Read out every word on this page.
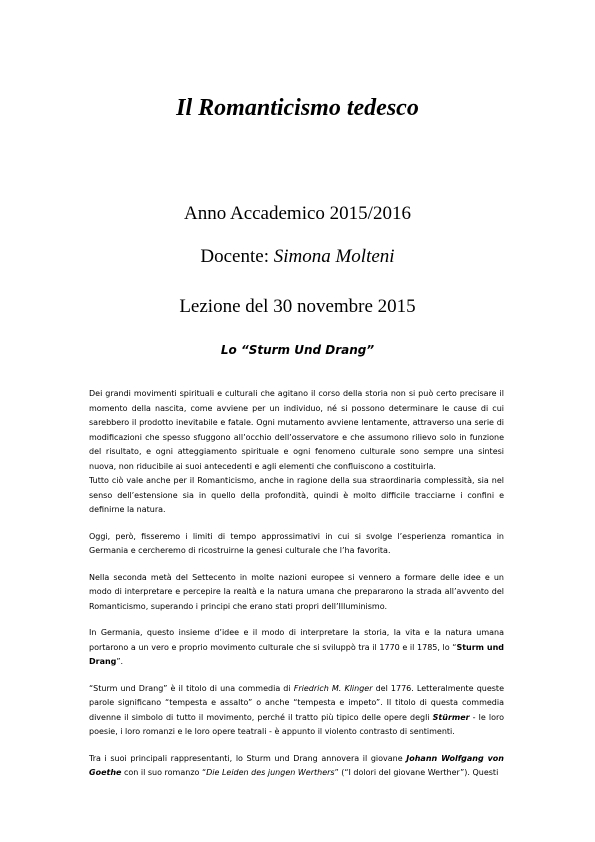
Il Romanticismo tedesco
Anno Accademico 2015/2016
Docente: Simona Molteni
Lezione del 30 novembre 2015
Lo “Sturm Und Drang”

Dei grandi movimenti spirituali e culturali che agitano il corso della storia non si può certo precisare il momento della nascita, come avviene per un individuo, né si possono determinare le cause di cui sarebbero il prodotto inevitabile e fatale. Ogni mutamento avviene lentamente, attraverso una serie di modificazioni che spesso sfuggono all’occhio dell’osservatore e che assumono rilievo solo in funzione del risultato, e ogni atteggiamento spirituale e ogni fenomeno culturale sono sempre una sintesi nuova, non riducibile ai suoi antecedenti e agli elementi che confluiscono a costituirla.

Tutto ciò vale anche per il Romanticismo, anche in ragione della sua straordinaria complessità, sia nel senso dell’estensione sia in quello della profondità, quindi è molto difficile tracciarne i confini e definirne la natura.

Oggi, però, fisseremo i limiti di tempo approssimativi in cui si svolge l’esperienza romantica in Germania e cercheremo di ricostruirne la genesi culturale che l’ha favorita.

Nella seconda metà del Settecento in molte nazioni europee si vennero a formare delle idee e un modo di interpretare e percepire la realtà e la natura umana che prepararono la strada all’avvento del Romanticismo, superando i principi che erano stati propri dell’Illuminismo.

In Germania, questo insieme d’idee e il modo di interpretare la storia, la vita e la natura umana portarono a un vero e proprio movimento culturale che si sviluppò tra il 1770 e il 1785, lo “Sturm und Drang”.

“Sturm und Drang” è il titolo di una commedia di Friedrich M. Klinger del 1776. Letteralmente queste parole significano “tempesta e assalto” o anche “tempesta e impeto”. Il titolo di questa commedia divenne il simbolo di tutto il movimento, perché il tratto più tipico delle opere degli Stürmer - le loro poesie, i loro romanzi e le loro opere teatrali - è appunto il violento contrasto di sentimenti.

Tra i suoi principali rappresentanti, lo Sturm und Drang annovera il giovane Johann Wolfgang von Goethe con il suo romanzo “Die Leiden des jungen Werthers” (“I dolori del giovane Werther”). Questi
